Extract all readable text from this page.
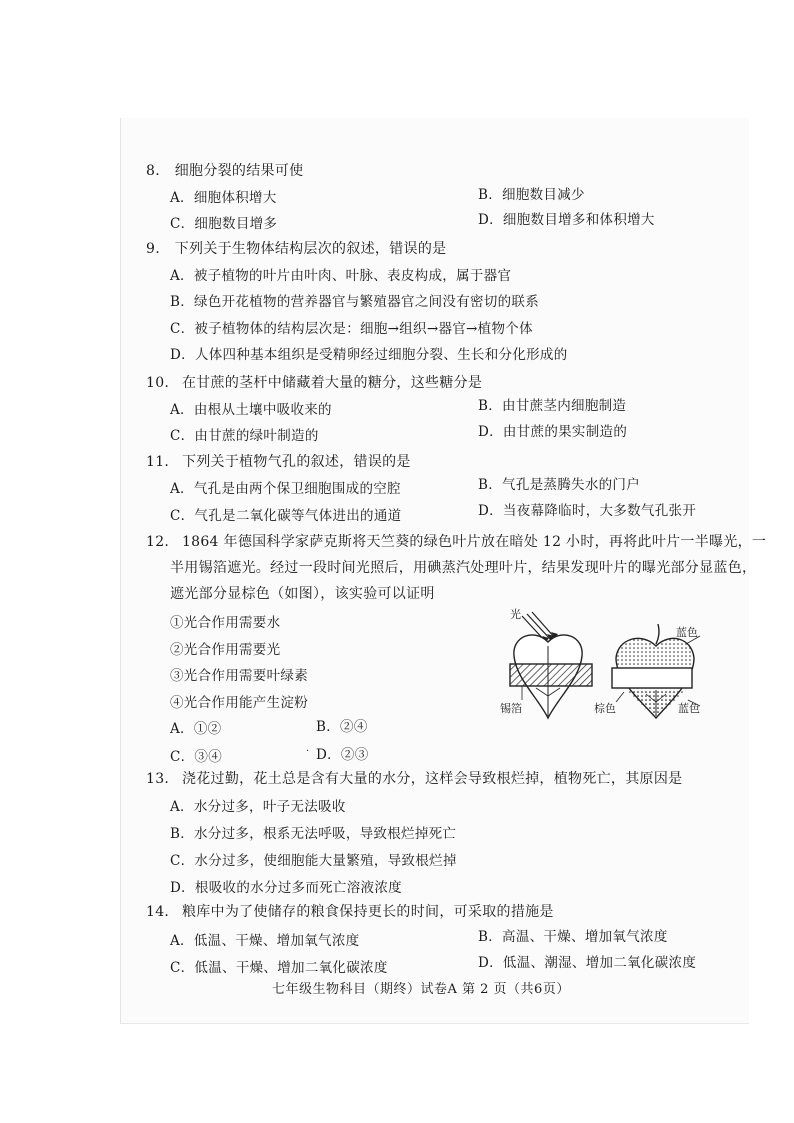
8. 细胞分裂的结果可使
A．细胞体积增大	B．细胞数目减少
C．细胞数目增多	D．细胞数目增多和体积增大
9. 下列关于生物体结构层次的叙述，错误的是
A．被子植物的叶片由叶肉、叶脉、表皮构成，属于器官
B．绿色开花植物的营养器官与繁殖器官之间没有密切的联系
C．被子植物体的结构层次是：细胞→组织→器官→植物个体
D．人体四种基本组织是受精卵经过细胞分裂、生长和分化形成的
10. 在甘蔗的茎杆中储藏着大量的糖分，这些糖分是
A．由根从土壤中吸收来的	B．由甘蔗茎内细胞制造
C．由甘蔗的绿叶制造的	D．由甘蔗的果实制造的
11. 下列关于植物气孔的叙述，错误的是
A．气孔是由两个保卫细胞围成的空腔	B．气孔是蒸腾失水的门户
C．气孔是二氧化碳等气体进出的通道	D．当夜幕降临时，大多数气孔张开
12. 1864 年德国科学家萨克斯将天竺葵的绿色叶片放在暗处 12 小时，再将此叶片一半曝光，一
半用锡箔遮光。经过一段时间光照后，用碘蒸汽处理叶片，结果发现叶片的曝光部分显蓝色，
遮光部分显棕色（如图），该实验可以证明
①光合作用需要水
②光合作用需要光
③光合作用需要叶绿素
④光合作用能产生淀粉
A．①②	B．②④
C．③④	D．②③
.
光
锡箔
蓝色
棕色	蓝色
13. 浇花过勤，花土总是含有大量的水分，这样会导致根烂掉，植物死亡，其原因是
A．水分过多，叶子无法吸收
B．水分过多，根系无法呼吸，导致根烂掉死亡
C．水分过多，使细胞能大量繁殖，导致根烂掉
D．根吸收的水分过多而死亡溶液浓度
14. 粮库中为了使储存的粮食保持更长的时间，可采取的措施是
A．低温、干燥、增加氧气浓度	B．高温、干燥、增加氧气浓度
C．低温、干燥、增加二氧化碳浓度	D．低温、潮湿、增加二氧化碳浓度
七年级生物科目（期终）试卷A 第 2 页（共6页）
